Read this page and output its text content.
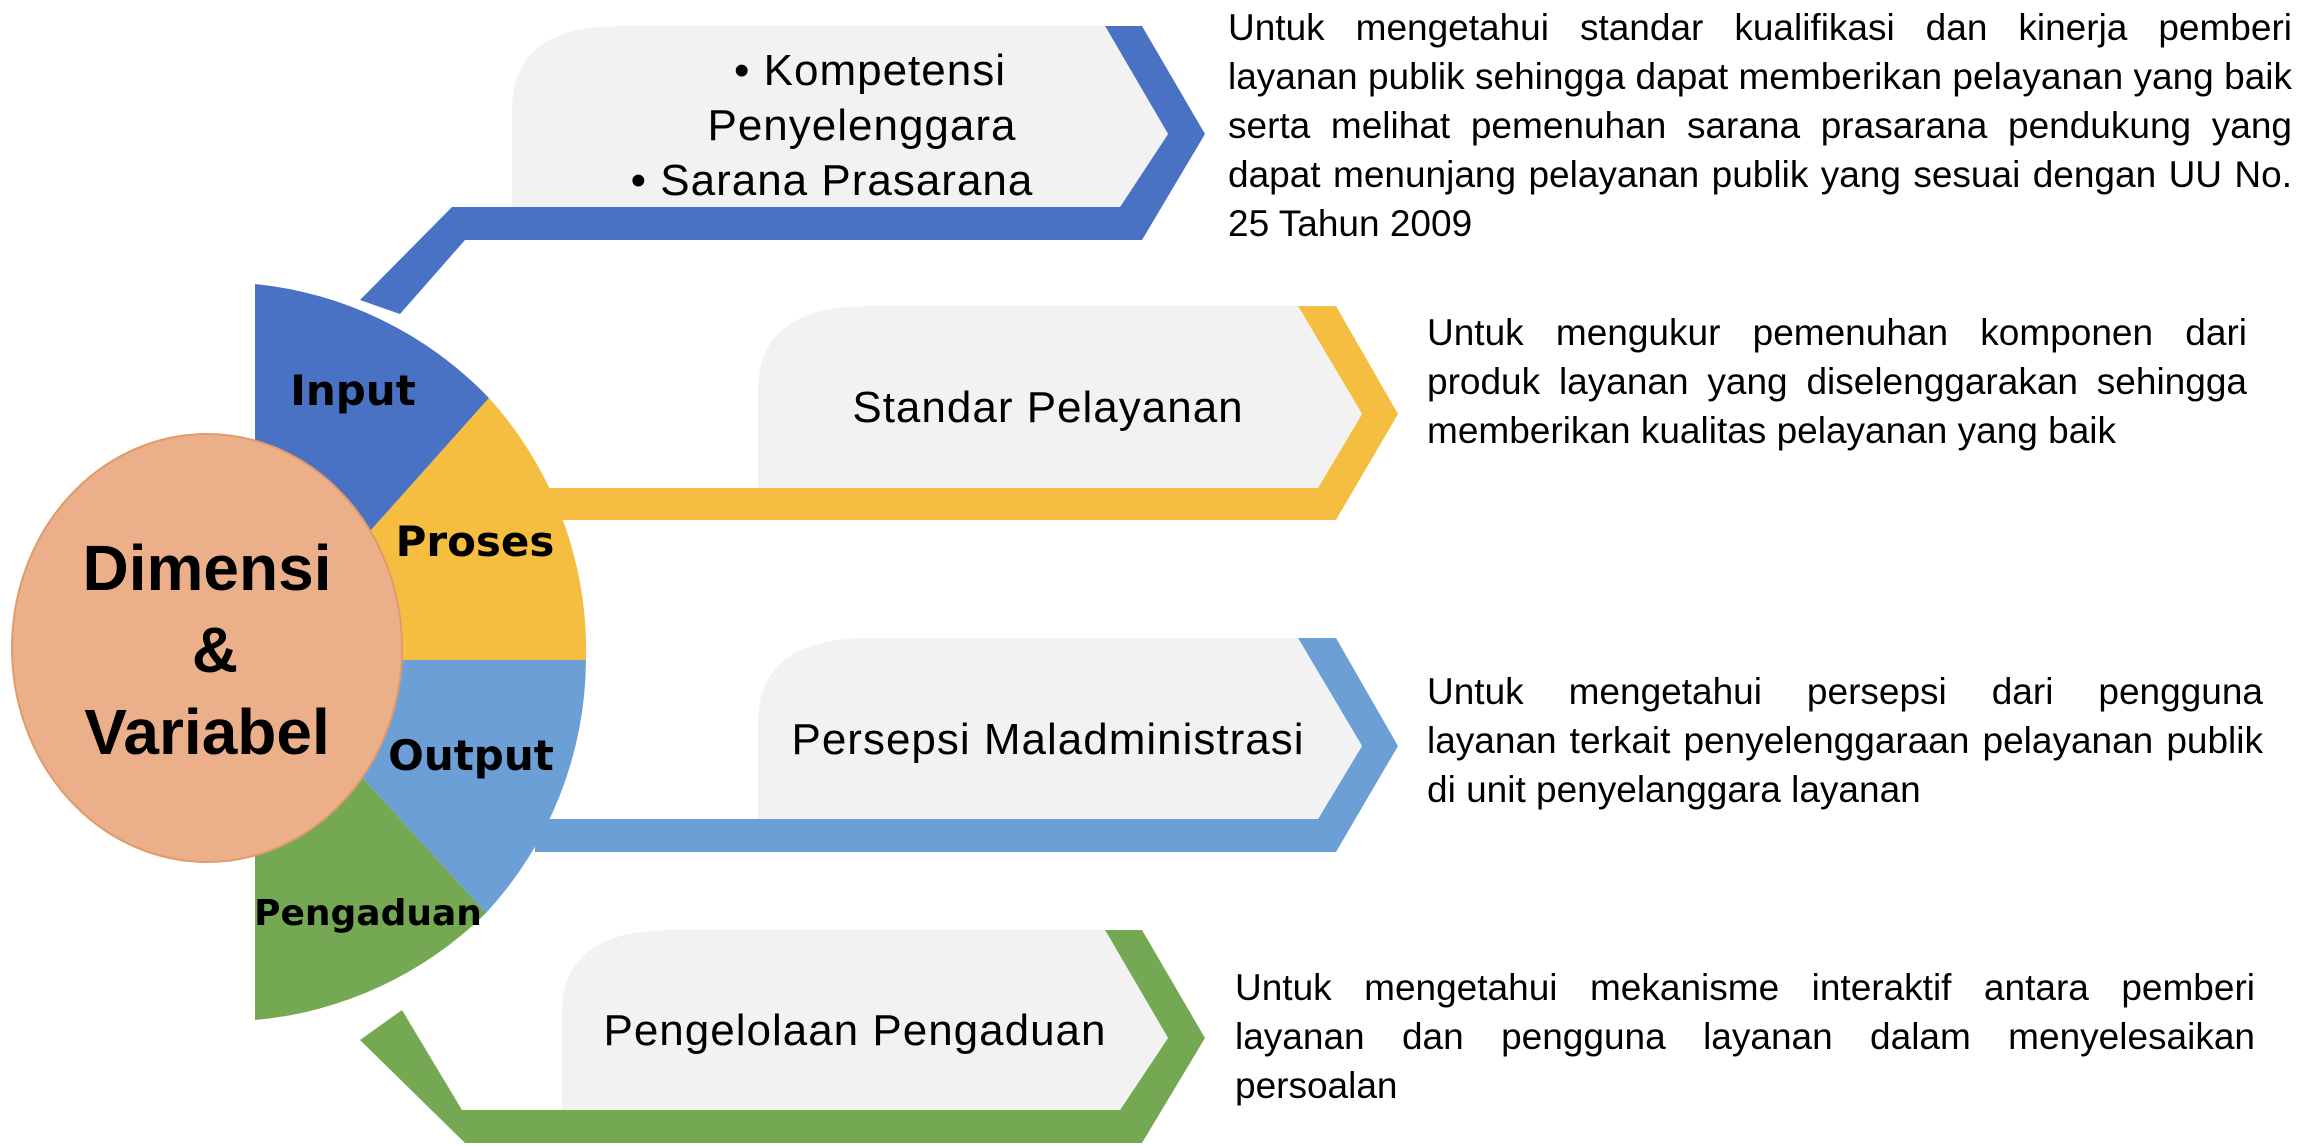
• Kompetensi
Penyelenggara
• Sarana Prasarana
Standar Pelayanan
Persepsi Maladministrasi
Pengelolaan Pengaduan
Input
Proses
Output
Pengaduan
Dimensi
&
Variabel
Untuk mengetahui standar kualifikasi dan kinerja pemberi layanan publik sehingga dapat memberikan pelayanan yang baik serta melihat pemenuhan sarana prasarana pendukung yang dapat menunjang pelayanan publik yang sesuai dengan UU No. 25 Tahun 2009
Untuk mengukur pemenuhan komponen dari produk layanan yang diselenggarakan sehingga memberikan kualitas pelayanan yang baik
Untuk mengetahui persepsi dari pengguna layanan terkait penyelenggaraan pelayanan publik di unit penyelanggara layanan
Untuk mengetahui mekanisme interaktif antara pemberi layanan dan pengguna layanan dalam menyelesaikan persoalan
